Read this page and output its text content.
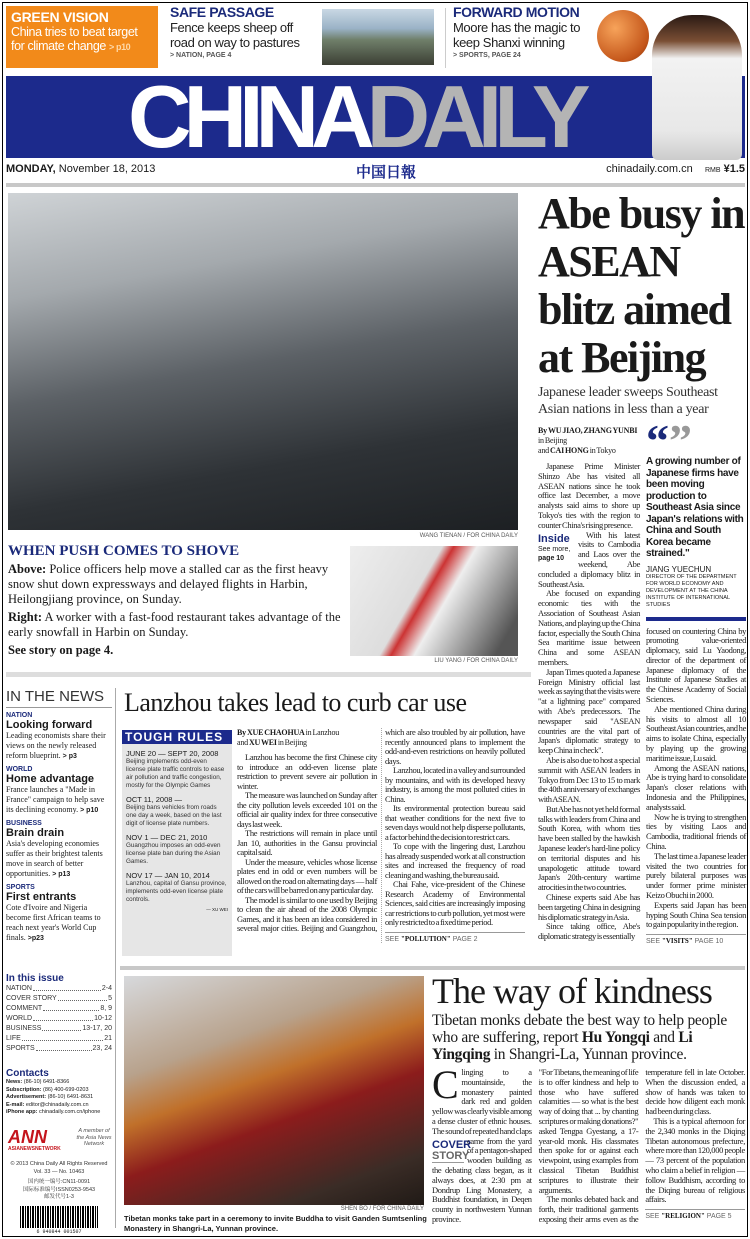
GREEN VISION
China tries to beat target for climate change > p10
SAFE PASSAGE
Fence keeps sheep off road on way to pastures
> NATION, PAGE 4
FORWARD MOTION
Moore has the magic to keep Shanxi winning
> SPORTS, PAGE 24
CHINADAILY
MONDAY, November 18, 2013	中国日報	chinadaily.com.cn RMB ¥1.5
WANG TIENAN / FOR CHINA DAILY
WHEN PUSH COMES TO SHOVE

Above: Police officers help move a stalled car as the first heavy snow shut down expressways and delayed flights in Harbin, Heilongjiang province, on Sunday.

Right: A worker with a fast-food restaurant takes advantage of the early snowfall in Harbin on Sunday.

See story on page 4.

LIU YANG / FOR CHINA DAILY
Abe busy in ASEAN blitz aimed at Beijing
Japanese leader sweeps Southeast Asian nations in less than a year
By WU JIAO, ZHANG YUNBI
in Beijing
and CAI HONG in Tokyo

Japanese Prime Minister Shinzo Abe has visited all ASEAN nations since he took office last December, a move analysts said aims to shore up Tokyo's ties with the region to counter China's rising presence.

Inside
See more,
page 10

With his latest visits to Cambodia and Laos over the weekend, Abe concluded a diplomacy blitz in Southeast Asia.

Abe focused on expanding economic ties with the Association of Southeast Asian Nations, and playing up the China factor, especially the South China Sea maritime issue between China and some ASEAN members.

Japan Times quoted a Japanese Foreign Ministry official last week as saying that the visits were "at a lightning pace" compared with Abe's predecessors. The newspaper said "ASEAN countries are the vital part of Japan's diplomatic strategy to keep China in check".

Abe is also due to host a special summit with ASEAN leaders in Tokyo from Dec 13 to 15 to mark the 40th anniversary of exchanges with ASEAN.

But Abe has not yet held formal talks with leaders from China and South Korea, with whom ties have been stalled by the hawkish Japanese leader's hard-line policy on territorial disputes and his unapologetic attitude toward Japan's 20th-century wartime atrocities in the two countries.

Chinese experts said Abe has been targeting China in designing his diplomatic strategy in Asia.

Since taking office, Abe's diplomatic strategy is essentially

“”
A growing number of Japanese firms have been moving production to Southeast Asia since Japan's relations with China and South Korea became strained."
JIANG YUECHUN
DIRECTOR OF THE DEPARTMENT FOR WORLD ECONOMY AND DEVELOPMENT AT THE CHINA INSTITUTE OF INTERNATIONAL STUDIES

focused on countering China by promoting value-oriented diplomacy, said Lu Yaodong, director of the department of Japanese diplomacy of the Institute of Japanese Studies at the Chinese Academy of Social Sciences.

Abe mentioned China during his visits to almost all 10 Southeast Asian countries, and he aims to isolate China, especially by playing up the growing maritime issue, Lu said.

Among the ASEAN nations, Abe is trying hard to consolidate Japan's closer relations with Indonesia and the Philippines, analysts said.

Now he is trying to strengthen ties by visiting Laos and Cambodia, traditional friends of China.

The last time a Japanese leader visited the two countries for purely bilateral purposes was under former prime minister Keizo Obuchi in 2000.

Experts said Japan has been hyping South China Sea tension to gain popularity in the region.

SEE "VISITS" PAGE 10
IN THE NEWS
NATION
Looking forward
Leading economists share their views on the newly released reform blueprint. > p3
WORLD
Home advantage
France launches a "Made in France" campaign to help save its declining economy. > p10
BUSINESS
Brain drain
Asia's developing economies suffer as their brightest talents move in search of better opportunities. > p13
SPORTS
First entrants
Cote d'Ivoire and Nigeria become first African teams to reach next year's World Cup finals. >p23
In this issue
NATION	2-4
COVER STORY	5
COMMENT	8, 9
WORLD	10-12
BUSINESS	13-17, 20
LIFE	21
SPORTS	23, 24
Contacts
News: (86-10) 6491-8366
Subscription: (86) 400-699-0203
Advertisement: (86-10) 6491-8631
E-mail: editor@chinadaily.com.cn
iPhone app: chinadaily.com.cn/iphone
ANN
ASIANEWSNETWORK
A member of the Asia News Network
© 2013 China Daily All Rights Reserved Vol. 33 — No. 10463
国内统一编号:CN11-0091
国际标准编号ISSN0253-9543
邮发代号1-3
6 940844 001507
Lanzhou takes lead to curb car use
TOUGH RULES
JUNE 20 — SEPT 20, 2008
Beijing implements odd-even license plate traffic controls to ease air pollution and traffic congestion, mostly for the Olympic Games
OCT 11, 2008 —
Beijing bans vehicles from roads one day a week, based on the last digit of license plate numbers.
NOV 1 — DEC 21, 2010
Guangzhou imposes an odd-even license plate ban during the Asian Games.
NOV 17 — JAN 10, 2014
Lanzhou, capital of Gansu province, implements odd-even license plate controls.
— XU WEI
By XUE CHAOHUA in Lanzhou
and XU WEI in Beijing

Lanzhou has become the first Chinese city to introduce an odd-even license plate restriction to prevent severe air pollution in winter.

The measure was launched on Sunday after the city pollution levels exceeded 101 on the official air quality index for three consecutive days last week.

The restrictions will remain in place until Jan 10, authorities in the Gansu provincial capital said.

Under the measure, vehicles whose license plates end in odd or even numbers will be allowed on the road on alternating days — half of the cars will be barred on any particular day.

The model is similar to one used by Beijing to clean the air ahead of the 2008 Olympic Games, and it has been an idea considered in several major cities. Beijing and Guangzhou, which are also troubled by air pollution, have recently announced plans to implement the odd-and-even restrictions on heavily polluted days.

Lanzhou, located in a valley and surrounded by mountains, and with its developed heavy industry, is among the most polluted cities in China.

Its environmental protection bureau said that weather conditions for the next five to seven days would not help disperse pollutants, a factor behind the decision to restrict cars.

To cope with the lingering dust, Lanzhou has already suspended work at all construction sites and increased the frequency of road cleaning and washing, the bureau said.

Chai Fahe, vice-president of the Chinese Research Academy of Environmental Sciences, said cities are increasingly imposing car restrictions to curb pollution, yet most were only restricted to a fixed time period.

SEE "POLLUTION" PAGE 2
SHEN BO / FOR CHINA DAILY
Tibetan monks take part in a ceremony to invite Buddha to visit Ganden Sumtsenling Monastery in Shangri-La, Yunnan province.
The way of kindness
Tibetan monks debate the best way to help people who are suffering, report Hu Yongqi and Li Yingqing in Shangri-La, Yunnan province.

Clinging to a mountainside, the monastery painted dark red and golden yellow was clearly visible among a dense cluster of ethnic houses. The sound of repeated
COVER
STORY
hand claps came from the yard of a pentagon-shaped wooden building as the debating class began, as it always does, at 2:30 pm at Dondrup Ling Monastery, a Buddhist foundation, in Deqen county in northwestern Yunnan province.

"For Tibetans, the meaning of life is to offer kindness and help to those who have suffered calamities — so what is the best way of doing that ... by chanting scriptures or making donations?" asked Tengpa Gyestang, a 17-year-old monk. His classmates then spoke for or against each viewpoint, using examples from classical Tibetan Buddhist scriptures to illustrate their arguments.

The monks debated back and forth, their traditional garments exposing their arms even as the temperature fell in late October. When the discussion ended, a show of hands was taken to decide how diligent each monk had been during class.

This is a typical afternoon for the 2,340 monks in the Diqing Tibetan autonomous prefecture, where more than 120,000 people — 73 percent of the population who claim a belief in religion — follow Buddhism, according to the Diqing bureau of religious affairs.

SEE "RELIGION" PAGE 5
